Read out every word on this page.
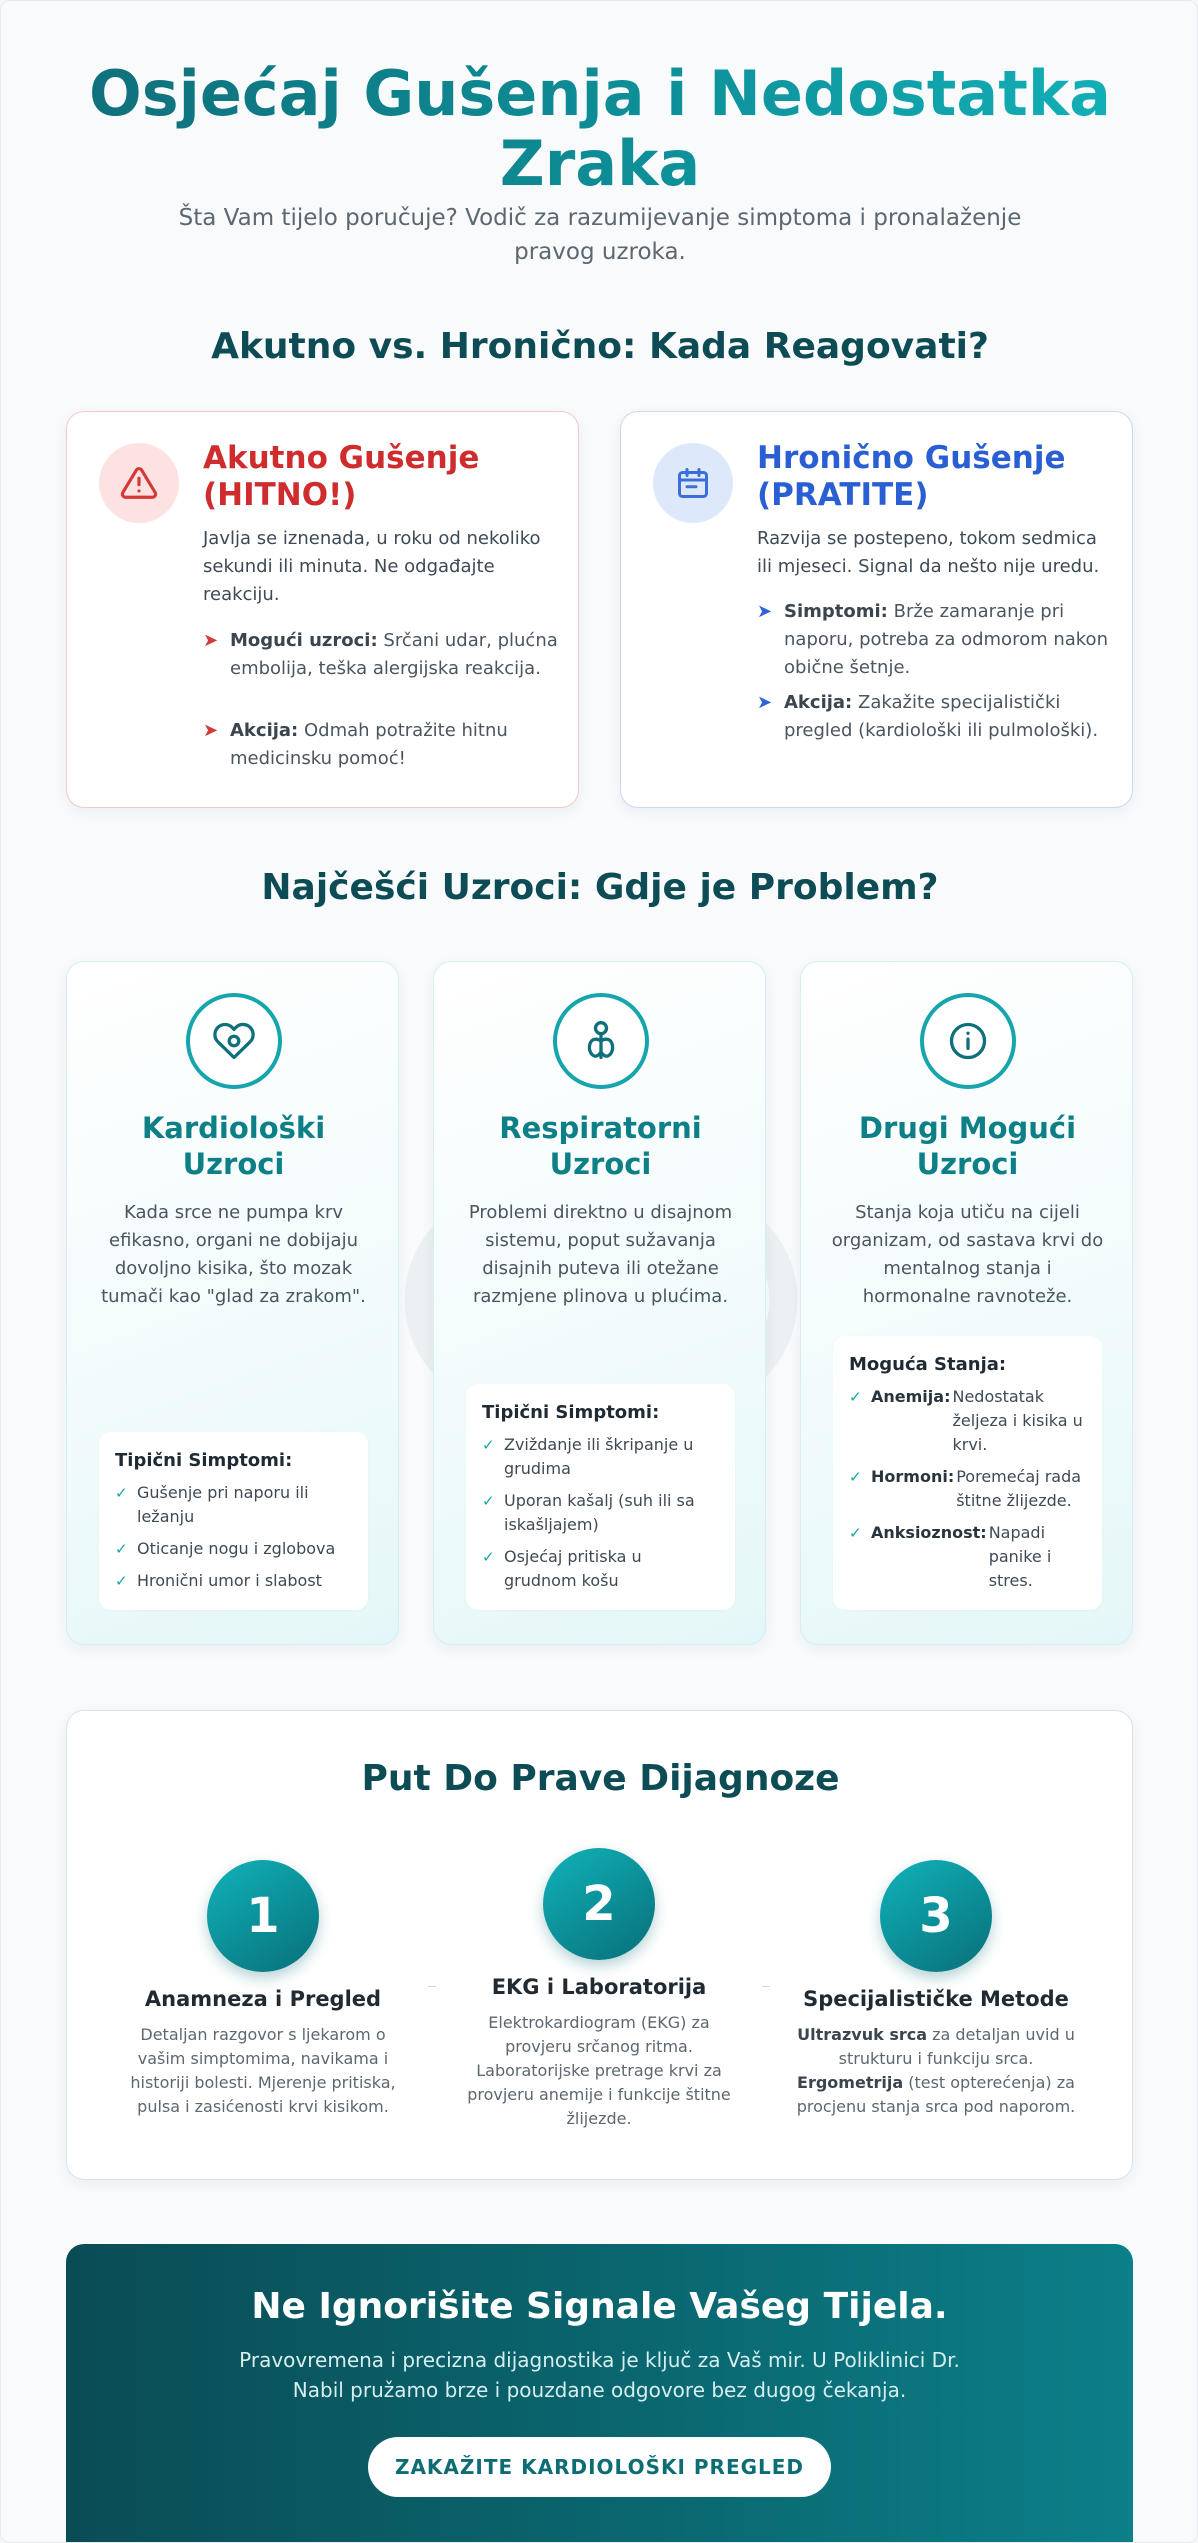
Osjećaj Gušenja i Nedostatka
Zraka

Šta Vam tijelo poručuje? Vodič za razumijevanje simptoma i pronalaženje pravog uzroka.

Akutno vs. Hronično: Kada Reagovati?
Akutno Gušenje (HITNO!)

Javlja se iznenada, u roku od nekoliko sekundi ili minuta. Ne odgađajte reakciju.

➤ Mogući uzroci: Srčani udar, plućna embolija, teška alergijska reakcija.
➤ Akcija: Odmah potražite hitnu medicinsku pomoć!
Hronično Gušenje (PRATITE)

Razvija se postepeno, tokom sedmica ili mjeseci. Signal da nešto nije uredu.

➤ Simptomi: Brže zamaranje pri naporu, potreba za odmorom nakon obične šetnje.
➤ Akcija: Zakažite specijalistički pregled (kardiološki ili pulmološki).
Najčešći Uzroci: Gdje je Problem?
Kardiološki Uzroci

Kada srce ne pumpa krv efikasno, organi ne dobijaju dovoljno kisika, što mozak tumači kao "glad za zrakom".

Tipični Simptomi:
✓ Gušenje pri naporu ili ležanju
✓ Oticanje nogu i zglobova
✓ Hronični umor i slabost
Respiratorni Uzroci

Problemi direktno u disajnom sistemu, poput sužavanja disajnih puteva ili otežane razmjene plinova u plućima.

Tipični Simptomi:
✓ Zviždanje ili škripanje u grudima
✓ Uporan kašalj (suh ili sa iskašljajem)
✓ Osjećaj pritiska u grudnom košu
Drugi Mogući Uzroci

Stanja koja utiču na cijeli organizam, od sastava krvi do mentalnog stanja i hormonalne ravnoteže.

Moguća Stanja:
✓ Anemija: Nedostatak željeza i kisika u krvi.
✓ Hormoni: Poremećaj rada štitne žlijezde.
✓ Anksioznost: Napadi panike i stres.
Put Do Prave Dijagnoze
1
Anamneza i Pregled

Detaljan razgovor s ljekarom o vašim simptomima, navikama i historiji bolesti. Mjerenje pritiska, pulsa i zasićenosti krvi kisikom.

2
EKG i Laboratorija

Elektrokardiogram (EKG) za provjeru srčanog ritma. Laboratorijske pretrage krvi za provjeru anemije i funkcije štitne žlijezde.

3
Specijalističke Metode

Ultrazvuk srca za detaljan uvid u strukturu i funkciju srca. Ergometrija (test opterećenja) za procjenu stanja srca pod naporom.

Ne Ignorišite Signale Vašeg Tijela.

Pravovremena i precizna dijagnostika je ključ za Vaš mir. U Poliklinici Dr. Nabil pružamo brze i pouzdane odgovore bez dugog čekanja.

ZAKAŽITE KARDIOLOŠKI PREGLED
